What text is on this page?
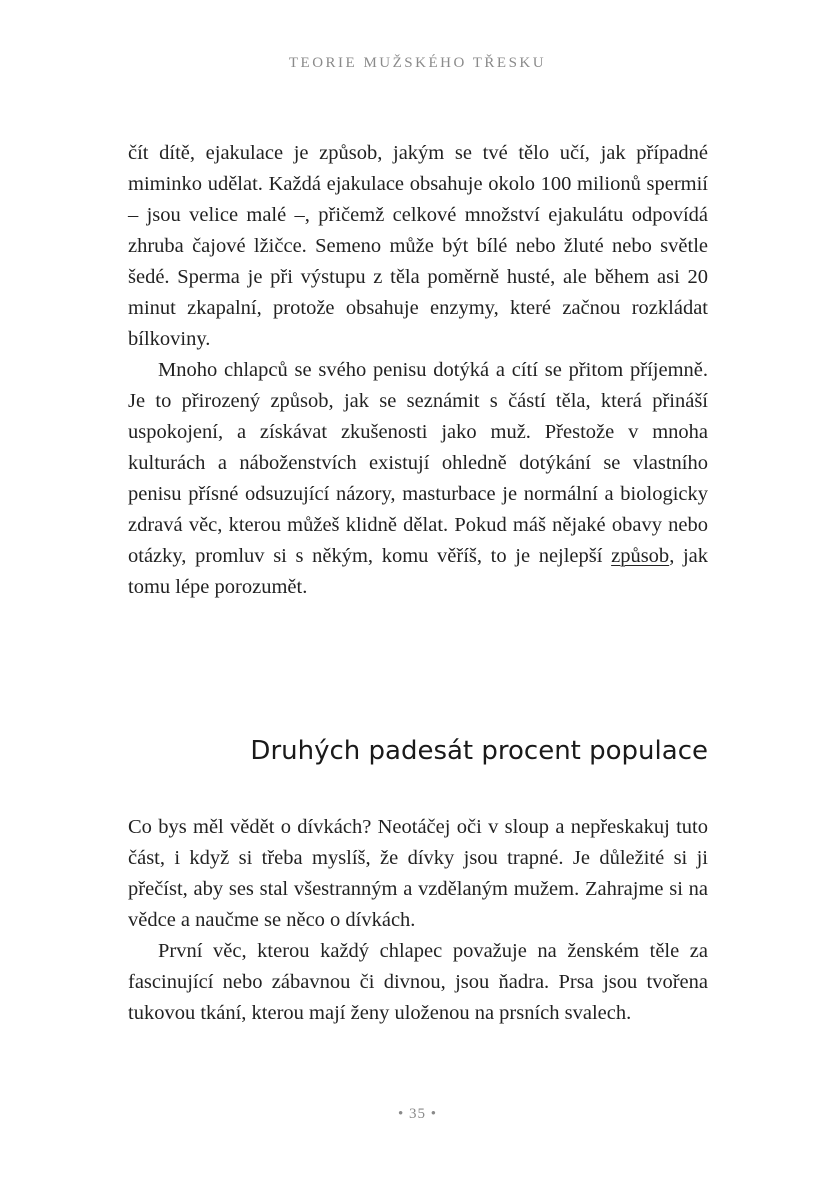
TEORIE MUŽSKÉHO TŘESKU

čít dítě, ejakulace je způsob, jakým se tvé tělo učí, jak případné miminko udělat. Každá ejakulace obsahuje okolo 100 milionů spermií – jsou velice malé –, přičemž celkové množství ejakulátu odpovídá zhruba čajové lžičce. Semeno může být bílé nebo žluté nebo světle šedé. Sperma je při výstupu z těla poměrně husté, ale během asi 20 minut zkapalní, protože obsahuje enzymy, které začnou rozkládat bílkoviny.

Mnoho chlapců se svého penisu dotýká a cítí se přitom příjemně. Je to přirozený způsob, jak se seznámit s částí těla, která přináší uspokojení, a získávat zkušenosti jako muž. Přestože v mnoha kulturách a náboženstvích existují ohledně dotýkání se vlastního penisu přísné odsuzující názory, masturbace je normální a biologicky zdravá věc, kterou můžeš klidně dělat. Pokud máš nějaké obavy nebo otázky, promluv si s někým, komu věříš, to je nejlepší způsob, jak tomu lépe porozumět.

Druhých padesát procent populace

Co bys měl vědět o dívkách? Neotáčej oči v sloup a nepřeskakuj tuto část, i když si třeba myslíš, že dívky jsou trapné. Je důležité si ji přečíst, aby ses stal všestranným a vzdělaným mužem. Zahrajme si na vědce a naučme se něco o dívkách.

První věc, kterou každý chlapec považuje na ženském těle za fascinující nebo zábavnou či divnou, jsou ňadra. Prsa jsou tvořena tukovou tkání, kterou mají ženy uloženou na prsních svalech.

• 35 •
